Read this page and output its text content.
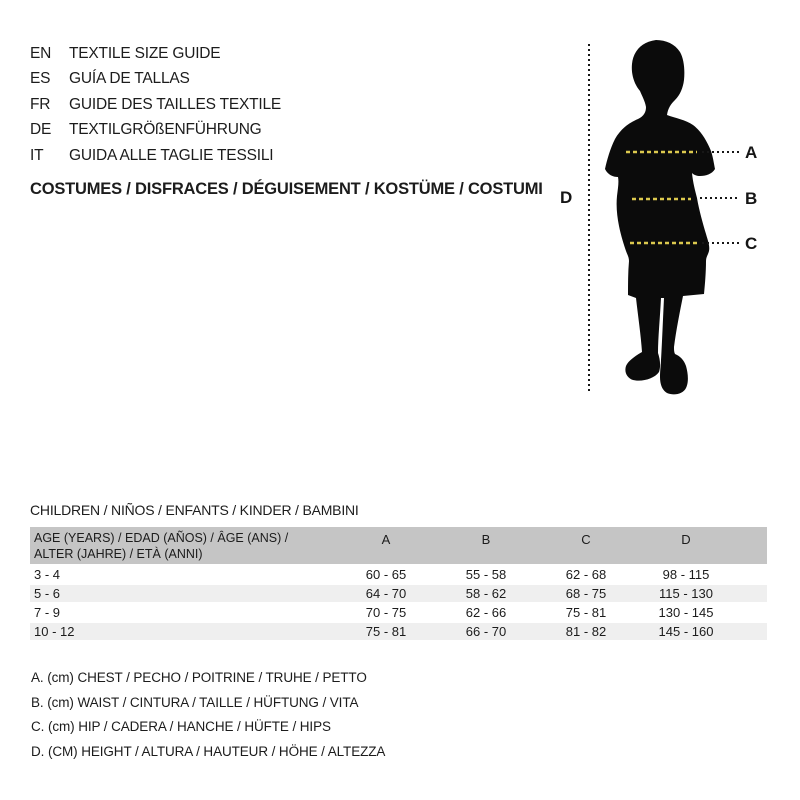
EN	TEXTILE SIZE GUIDE
ES	GUÍA DE TALLAS
FR	GUIDE DES TAILLES TEXTILE
DE	TEXTILGRÖßENFÜHRUNG
IT	GUIDA ALLE TAGLIE TESSILI
COSTUMES / DISFRACES / DÉGUISEMENT / KOSTÜME / COSTUMI D
A
B
C
CHILDREN / NIÑOS / ENFANTS / KINDER / BAMBINI
AGE (YEARS) / EDAD (AÑOS) / ÂGE (ANS) /
ALTER (JAHRE) / ETÀ (ANNI)
A	B	C	D
3 - 4	60 - 65	55 - 58	62 - 68	98 - 115
5 - 6	64 - 70	58 - 62	68 - 75	115 - 130
7 - 9	70 - 75	62 - 66	75 - 81	130 - 145
10 - 12	75 - 81	66 - 70	81 - 82	145 - 160
A. (cm) CHEST / PECHO / POITRINE / TRUHE / PETTO
B. (cm) WAIST / CINTURA / TAILLE / HÜFTUNG / VITA
C. (cm) HIP / CADERA / HANCHE / HÜFTE / HIPS
D. (CM) HEIGHT / ALTURA / HAUTEUR / HÖHE / ALTEZZA
